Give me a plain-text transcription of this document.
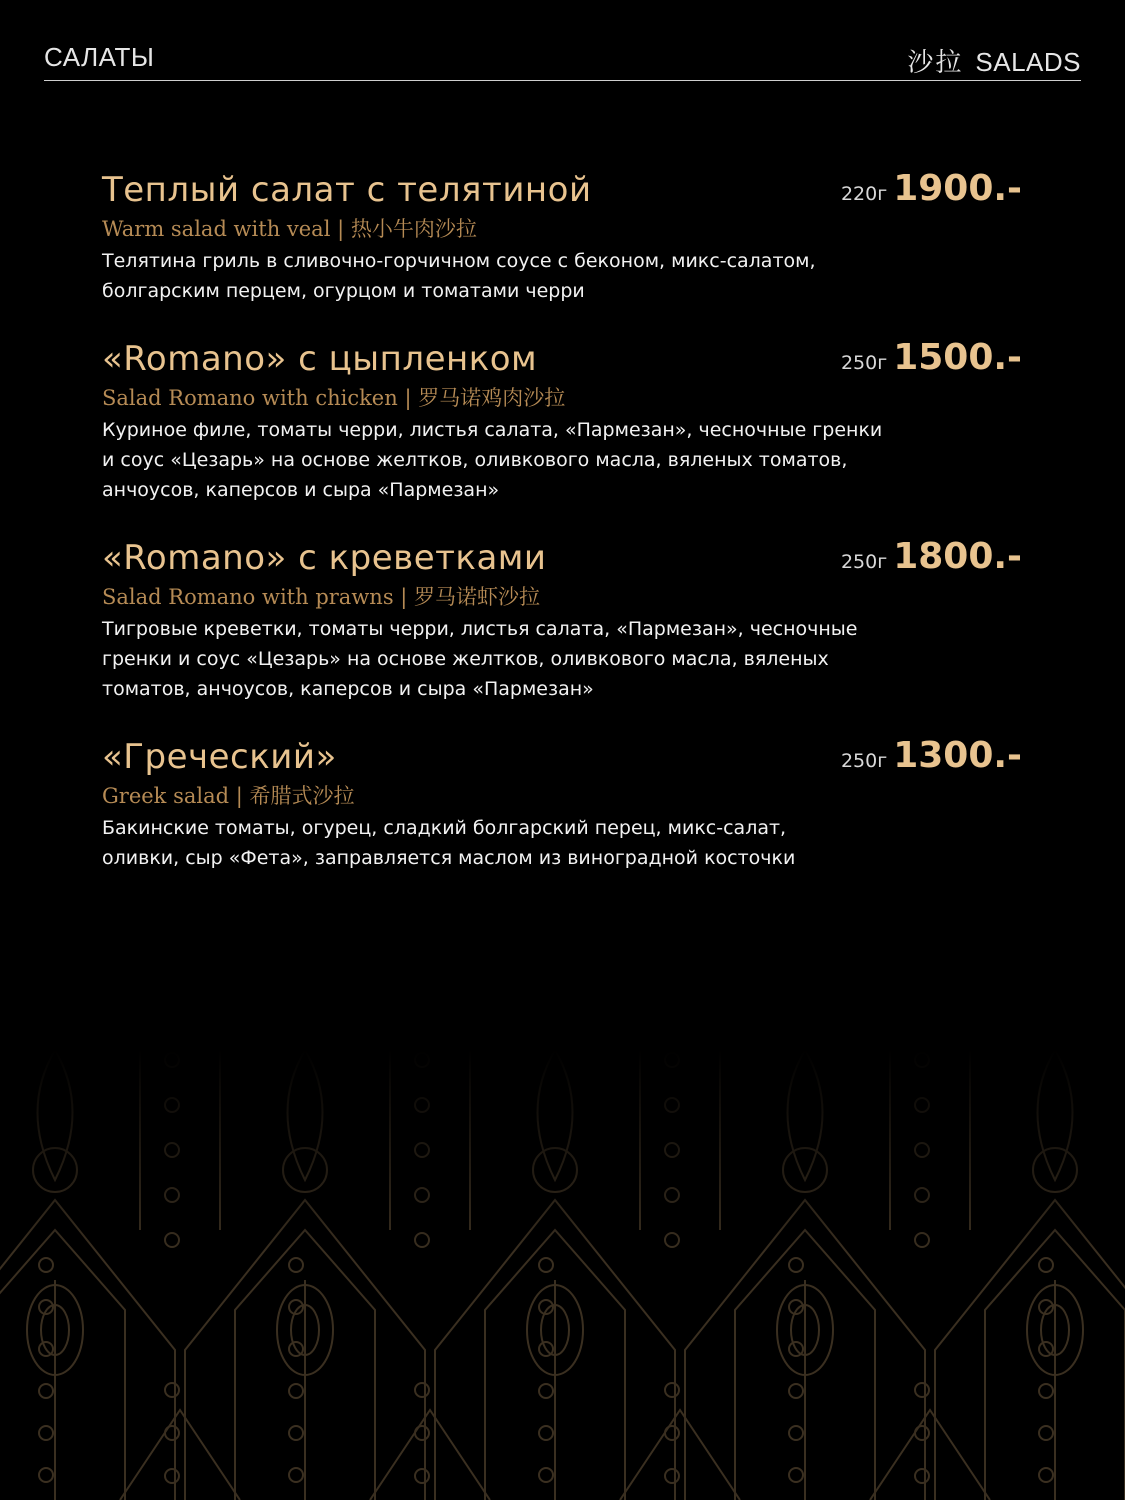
САЛАТЫ	沙拉 SALADS
Теплый салат с телятиной	220г 1900.-
Warm salad with veal | 热小牛肉沙拉
Телятина гриль в сливочно-горчичном соусе с беконом, микс-салатом, болгарским перцем, огурцом и томатами черри
«Romano» с цыпленком	250г 1500.-
Salad Romano with chicken | 罗马诺鸡肉沙拉
Куриное филе, томаты черри, листья салата, «Пармезан», чесночные гренки и соус «Цезарь» на основе желтков, оливкового масла, вяленых томатов, анчоусов, каперсов и сыра «Пармезан»
«Romano» с креветками	250г 1800.-
Salad Romano with prawns | 罗马诺虾沙拉
Тигровые креветки, томаты черри, листья салата, «Пармезан», чесночные гренки и соус «Цезарь» на основе желтков, оливкового масла, вяленых томатов, анчоусов, каперсов и сыра «Пармезан»
«Греческий»	250г 1300.-
Greek salad | 希腊式沙拉
Бакинские томаты, огурец, сладкий болгарский перец, микс-салат, оливки, сыр «Фета», заправляется маслом из виноградной косточки
